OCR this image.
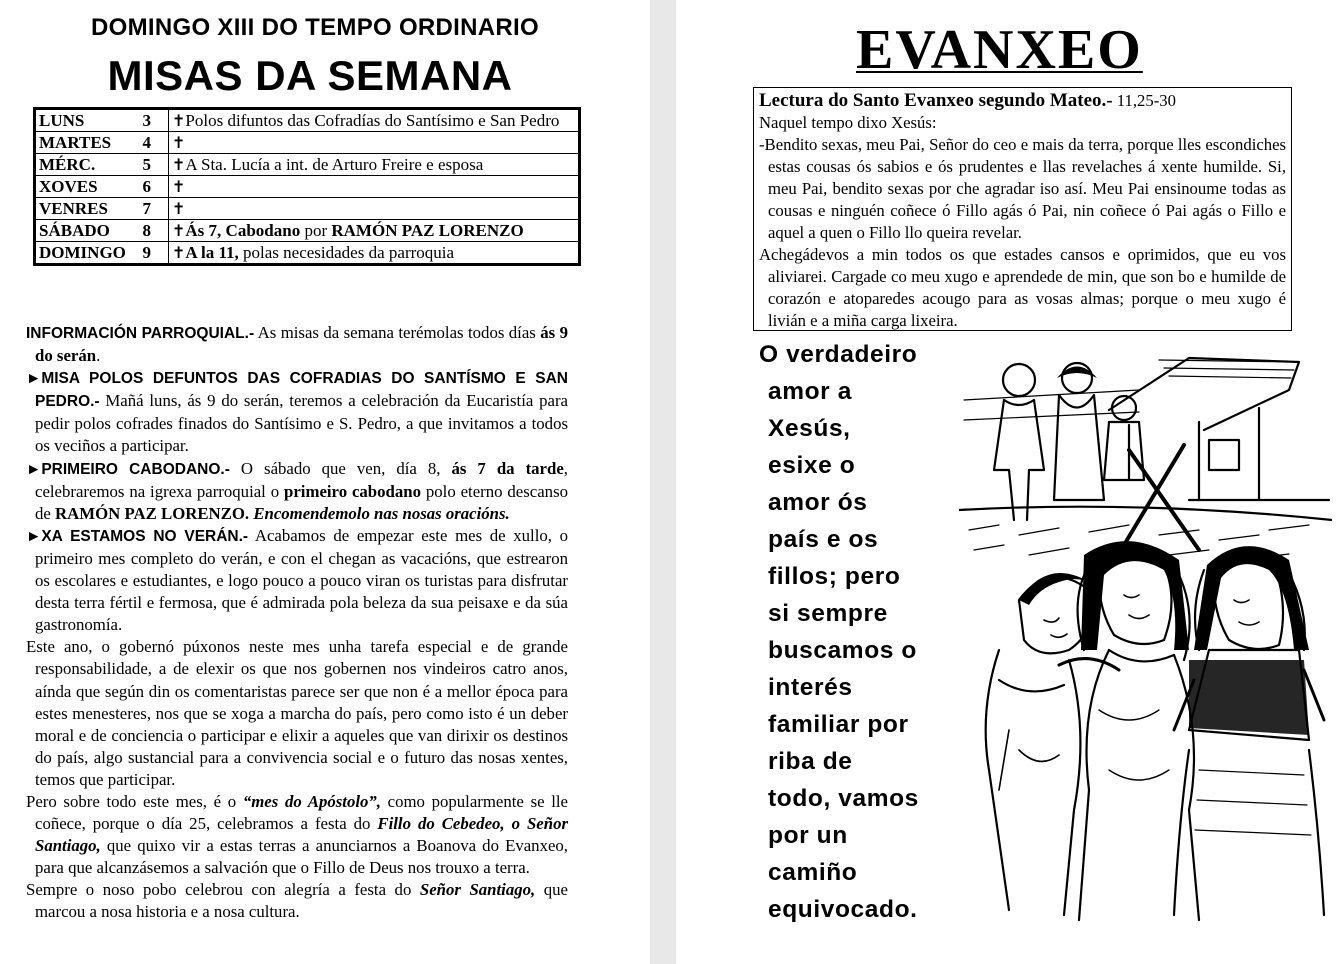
DOMINGO XIII DO TEMPO ORDINARIO
MISAS DA SEMANA
LUNS 3	✝Polos difuntos das Cofradías do Santísimo e San Pedro
MARTES 4	✝
MÉRC. 5	✝A Sta. Lucía a int. de Arturo Freire e esposa
XOVES 6	✝
VENRES 7	✝
SÁBADO 8	✝Ás 7, Cabodano por RAMÓN PAZ LORENZO
DOMINGO 9	✝A la 11, polas necesidades da parroquia

INFORMACIÓN PARROQUIAL.- As misas da semana terémolas todos días ás 9 do serán.

►MISA POLOS DEFUNTOS DAS COFRADIAS DO SANTÍSMO E SAN PEDRO.- Mañá luns, ás 9 do serán, teremos a celebración da Eucaristía para pedir polos cofrades finados do Santísimo e S. Pedro, a que invitamos a todos os veciños a participar.

►PRIMEIRO CABODANO.- O sábado que ven, día 8, ás 7 da tarde, celebraremos na igrexa parroquial o primeiro cabodano polo eterno descanso de RAMÓN PAZ LORENZO. Encomendemolo nas nosas oracións.

►XA ESTAMOS NO VERÁN.- Acabamos de empezar este mes de xullo, o primeiro mes completo do verán, e con el chegan as vacacións, que estrearon os escolares e estudiantes, e logo pouco a pouco viran os turistas para disfrutar desta terra fértil e fermosa, que é admirada pola beleza da sua peisaxe e da súa gastronomía.

Este ano, o gobernó púxonos neste mes unha tarefa especial e de grande responsabilidade, a de elexir os que nos gobernen nos vindeiros catro anos, aínda que según din os comentaristas parece ser que non é a mellor época para estes menesteres, nos que se xoga a marcha do país, pero como isto é un deber moral e de conciencia o participar e elixir a aqueles que van dirixir os destinos do país, algo sustancial para a convivencia social e o futuro das nosas xentes, temos que participar.

Pero sobre todo este mes, é o “mes do Apóstolo”, como popularmente se lle coñece, porque o día 25, celebramos a festa do Fillo do Cebedeo, o Señor Santiago, que quixo vir a estas terras a anunciarnos a Boanova do Evanxeo, para que alcanzásemos a salvación que o Fillo de Deus nos trouxo a terra.

Sempre o noso pobo celebrou con alegría a festa do Señor Santiago, que marcou a nosa historia e a nosa cultura.

EVANXEO
Lectura do Santo Evanxeo segundo Mateo.- 11,25-30

Naquel tempo dixo Xesús:

-Bendito sexas, meu Pai, Señor do ceo e mais da terra, porque lles escondiches estas cousas ós sabios e ós prudentes e llas revelaches á xente humilde. Si, meu Pai, bendito sexas por che agradar iso así. Meu Pai ensinoume todas as cousas e ninguén coñece ó Fillo agás ó Pai, nin coñece ó Pai agás o Fillo e aquel a quen o Fillo llo queira revelar.

Achegádevos a min todos os que estades cansos e oprimidos, que eu vos aliviarei. Cargade co meu xugo e aprendede de min, que son bo e humilde de corazón e atoparedes acougo para as vosas almas; porque o meu xugo é livián e a miña carga lixeira.

O verdadeiro
amor a
Xesús,
esixe o
amor ós
país e os
fillos; pero
si sempre
buscamos o
interés
familiar por
riba de
todo, vamos
por un
camiño
equivocado.
